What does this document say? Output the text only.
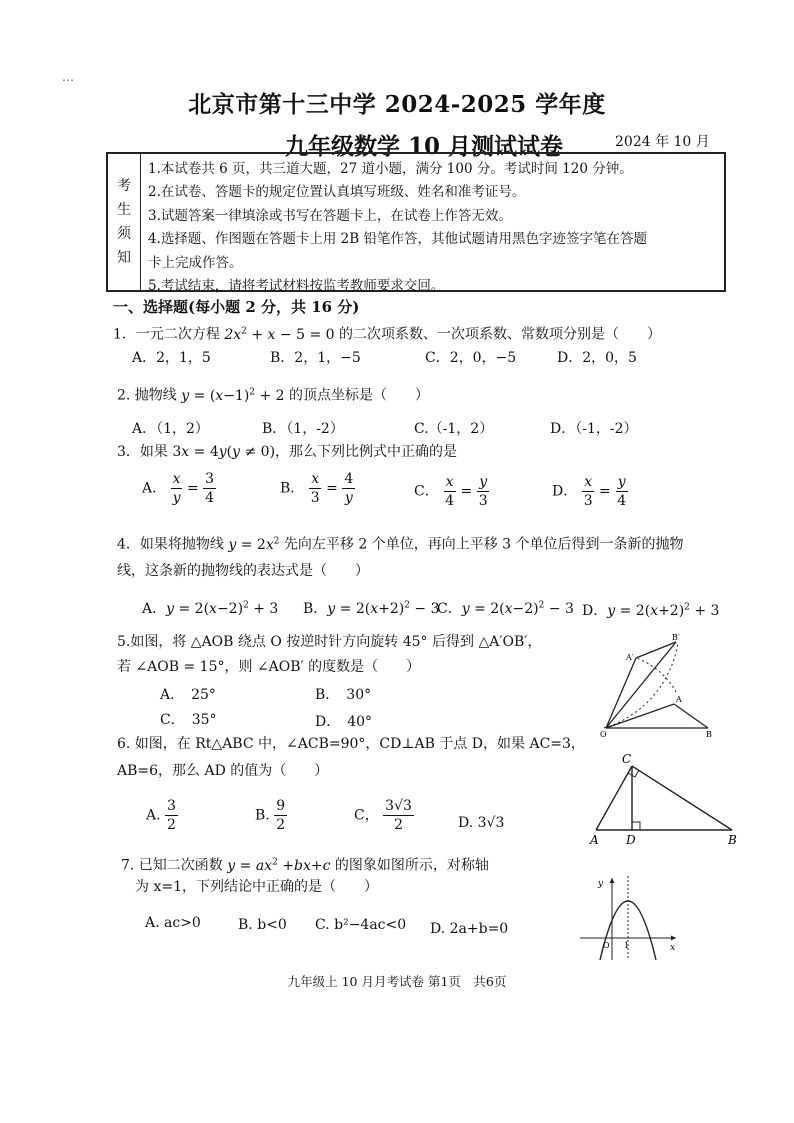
…
北京市第十三中学 2024-2025 学年度
九年级数学 10 月测试试卷	2024 年 10 月
考
生
须
知
1.本试卷共 6 页，共三道大题，27 道小题，满分 100 分。考试时间 120 分钟。
2.在试卷、答题卡的规定位置认真填写班级、姓名和准考证号。
3.试题答案一律填涂或书写在答题卡上，在试卷上作答无效。
4.选择题、作图题在答题卡上用 2B 铅笔作答，其他试题请用黑色字迹签字笔在答题
卡上完成作答。
5.考试结束，请将考试材料按监考教师要求交回。
一、选择题(每小题 2 分，共 16 分)
1．一元二次方程 $2x^2 + x - 5 = 0$ 的二次项系数、一次项系数、常数项分别是（　　）
A．2，1，5	B．2，1，−5	C．2，0，−5	D．2，0，5
2. 抛物线 $y = (x-1)^2 + 2$ 的顶点坐标是（　　）
A．（1，2）	B．（1，-2）	C.（-1，2）	D．（-1，-2）
3．如果 3x = 4y(y ≠ 0)，那么下列比例式中正确的是
A． $\frac{x}{y} = \frac{3}{4}$	B． $\frac{x}{3} = \frac{4}{y}$	C． $\frac{x}{4} = \frac{y}{3}$	D． $\frac{x}{3} = \frac{y}{4}$
4．如果将抛物线 $y = 2x^2$ 先向左平移 2 个单位，再向上平移 3 个单位后得到一条新的抛物
线，这条新的抛物线的表达式是（　　）
A．$y = 2(x-2)^2 + 3$ B．$y = 2(x+2)^2 - 3$
C．$y = 2(x-2)^2 - 3$ D．$y = 2(x+2)^2 + 3$
5.如图，将 △AOB 绕点 O 按逆时针方向旋转 45° 后得到 △A′OB′，
若 ∠AOB = 15°，则 ∠AOB′ 的度数是（　　）
A．　25°	B．　30°
C．　35°	D．　40°
B′
A′
A
O	B
6. 如图，在 Rt△ABC 中，∠ACB=90°，CD⊥AB 于点 D，如果 AC=3，
AB=6，那么 AD 的值为（　　）
A. $\frac{3}{2}$	B. $\frac{9}{2}$	C， $\frac{3√3}{2}$	D. 3√3
C
A D	B
7. 已知二次函数 $y = ax^2 +bx+c$ 的图象如图所示，对称轴
为 x=1，下列结论中正确的是（　　）
A. ac>0	B. b<0 C. b²−4ac<0 D. 2a+b=0
y
x
O 1
九年级上 10 月月考试卷 第1页　共6页
